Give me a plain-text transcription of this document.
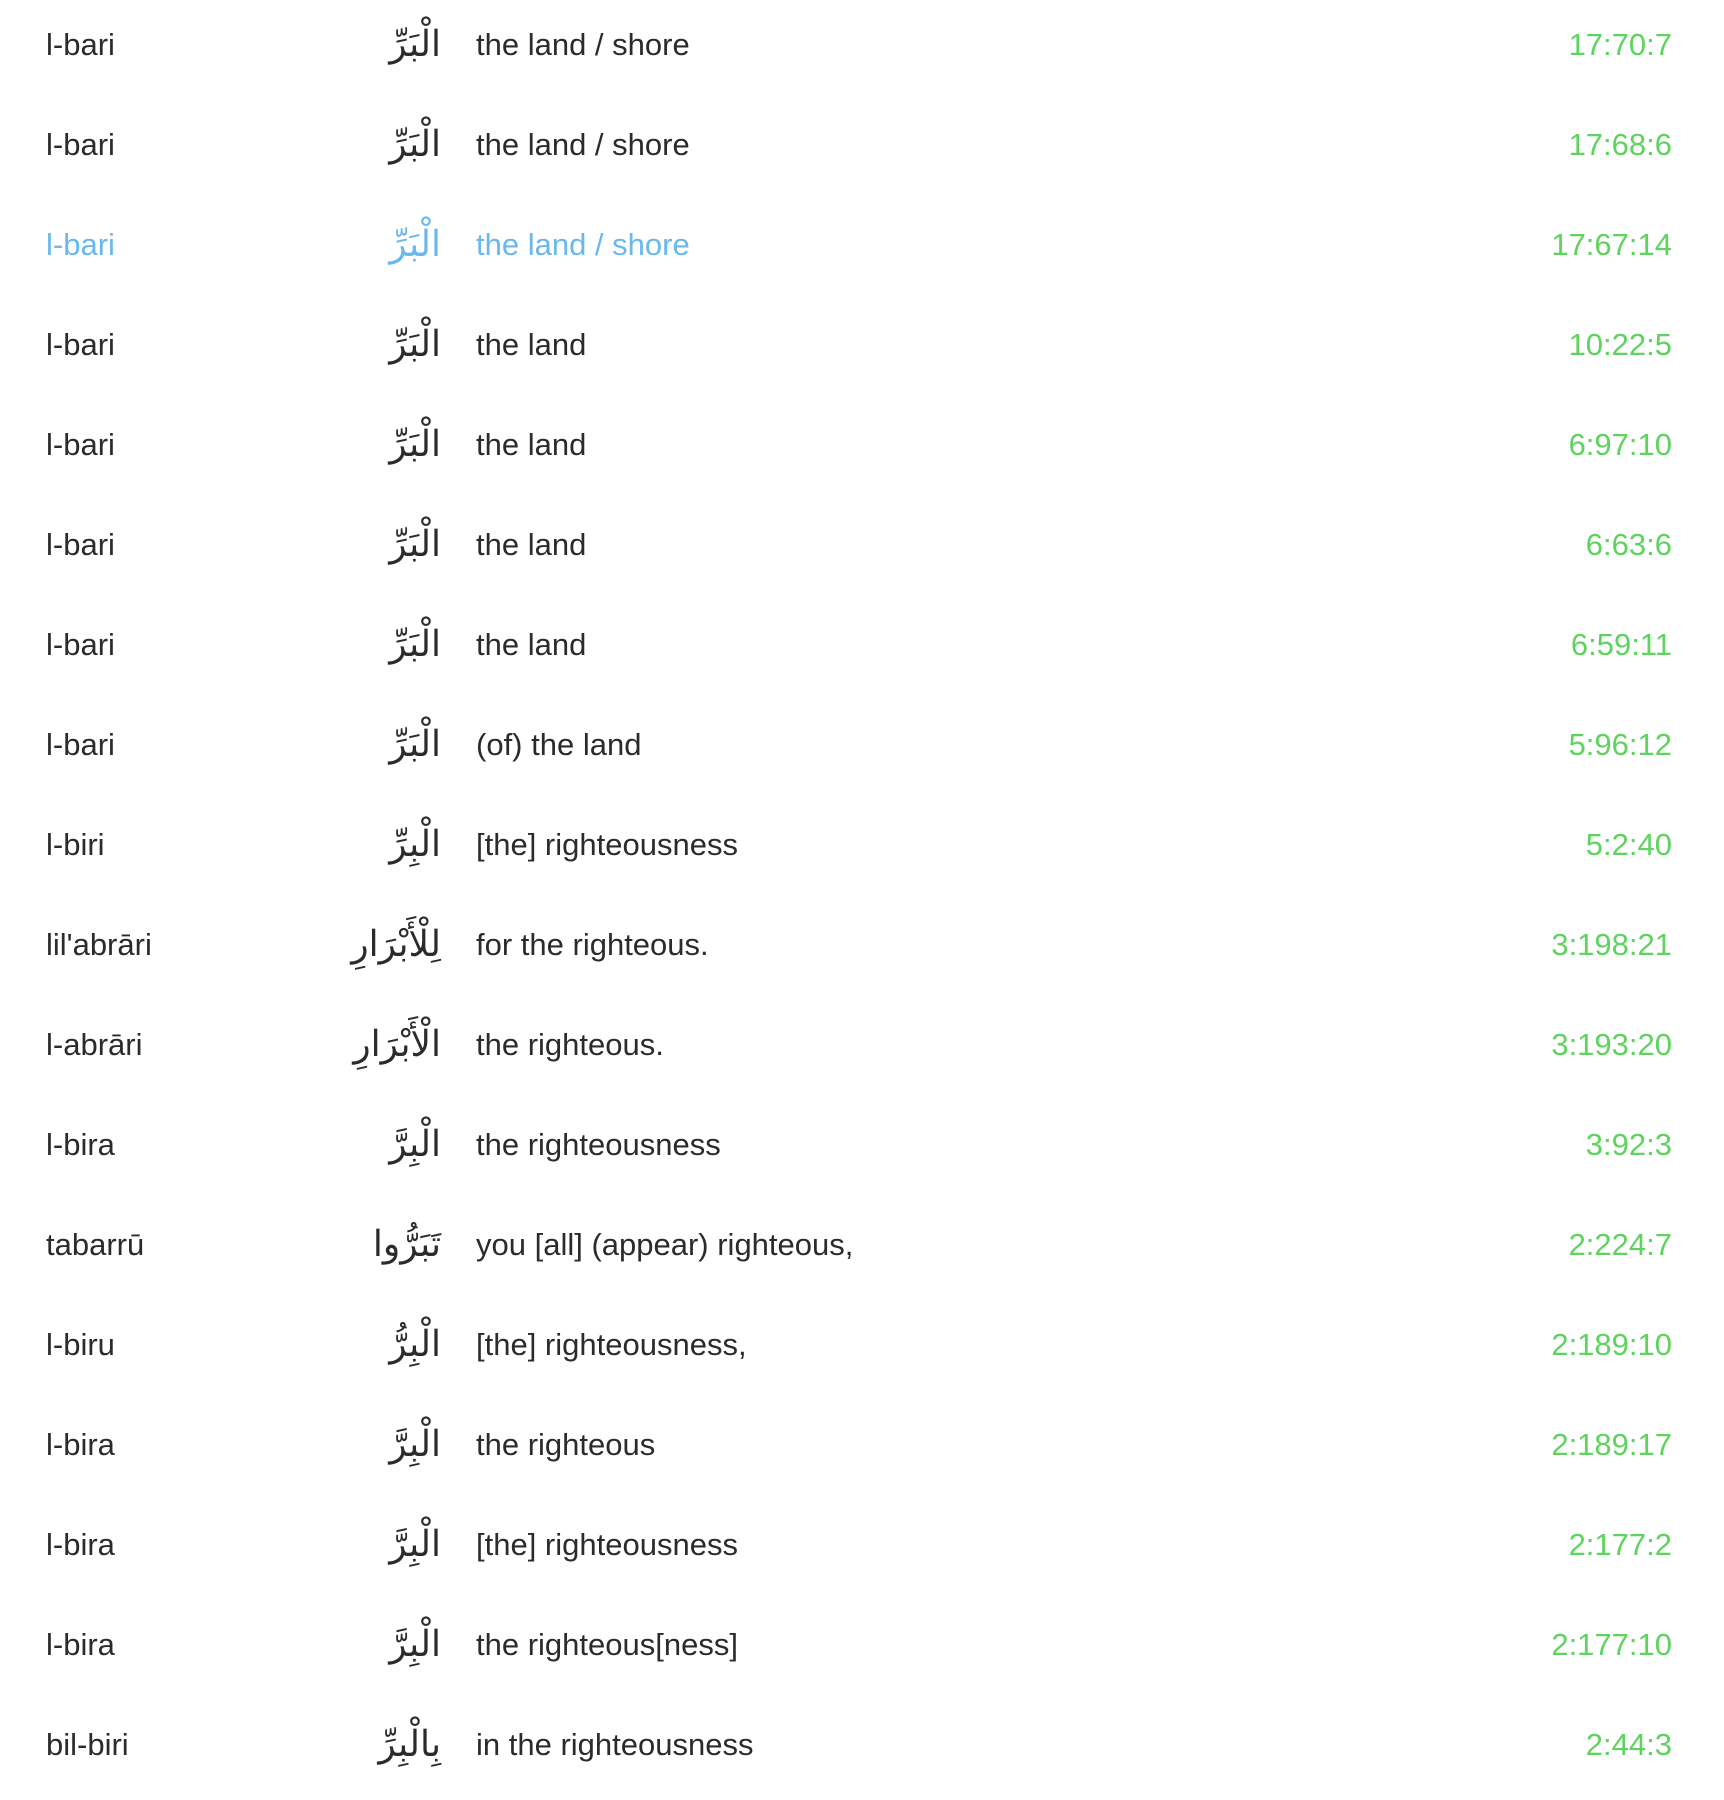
l-bari	الْبَرِّ the land / shore	17:70:7
l-bari	الْبَرِّ the land / shore	17:68:6
l-bari	الْبَرِّ the land / shore	17:67:14
l-bari	الْبَرِّ the land	10:22:5
l-bari	الْبَرِّ the land	6:97:10
l-bari	الْبَرِّ the land	6:63:6
l-bari	الْبَرِّ the land	6:59:11
l-bari	الْبَرِّ (of) the land	5:96:12
l-biri	الْبِرِّ [the] righteousness	5:2:40
lil'abrāri	لِلْأَبْرَارِ for the righteous.	3:198:21
l-abrāri	الْأَبْرَارِ the righteous.	3:193:20
l-bira	الْبِرَّ the righteousness	3:92:3
tabarrū	تَبَرُّوا you [all] (appear) righteous,	2:224:7
l-biru	الْبِرُّ [the] righteousness,	2:189:10
l-bira	الْبِرَّ the righteous	2:189:17
l-bira	الْبِرَّ [the] righteousness	2:177:2
l-bira	الْبِرَّ the righteous[ness]	2:177:10
bil-biri	بِالْبِرِّ in the righteousness	2:44:3
